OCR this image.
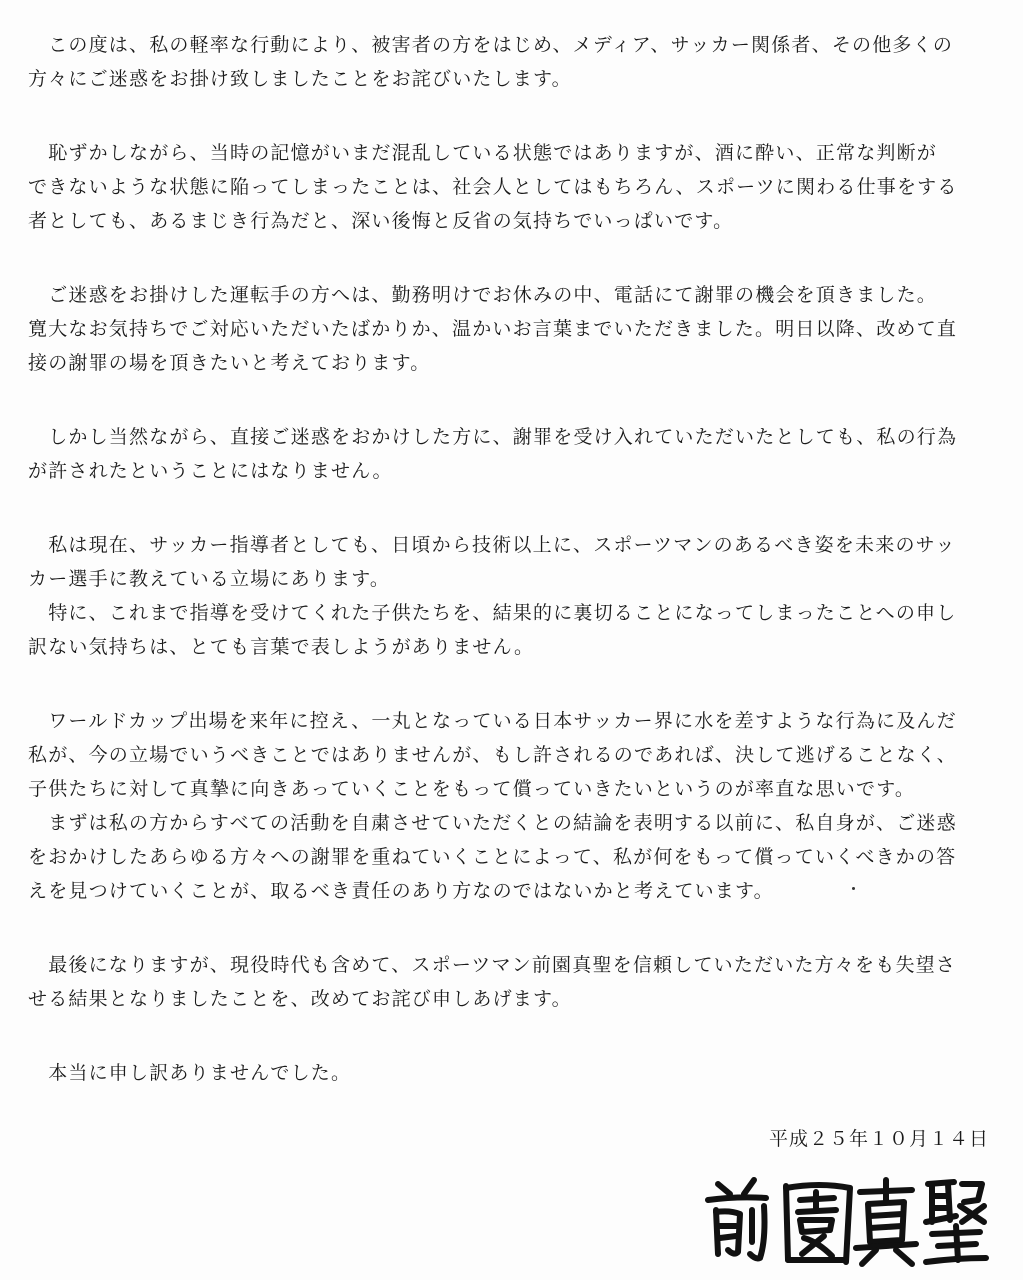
　この度は、私の軽率な行動により、被害者の方をはじめ、メディア、サッカー関係者、その他多くの
方々にご迷惑をお掛け致しましたことをお詫びいたします。
　恥ずかしながら、当時の記憶がいまだ混乱している状態ではありますが、酒に酔い、正常な判断が
できないような状態に陥ってしまったことは、社会人としてはもちろん、スポーツに関わる仕事をする
者としても、あるまじき行為だと、深い後悔と反省の気持ちでいっぱいです。
　ご迷惑をお掛けした運転手の方へは、勤務明けでお休みの中、電話にて謝罪の機会を頂きました。
寛大なお気持ちでご対応いただいたばかりか、温かいお言葉までいただきました。明日以降、改めて直
接の謝罪の場を頂きたいと考えております。
　しかし当然ながら、直接ご迷惑をおかけした方に、謝罪を受け入れていただいたとしても、私の行為
が許されたということにはなりません。
　私は現在、サッカー指導者としても、日頃から技術以上に、スポーツマンのあるべき姿を未来のサッ
カー選手に教えている立場にあります。
　特に、これまで指導を受けてくれた子供たちを、結果的に裏切ることになってしまったことへの申し
訳ない気持ちは、とても言葉で表しようがありません。
　ワールドカップ出場を来年に控え、一丸となっている日本サッカー界に水を差すような行為に及んだ
私が、今の立場でいうべきことではありませんが、もし許されるのであれば、決して逃げることなく、
子供たちに対して真摯に向きあっていくことをもって償っていきたいというのが率直な思いです。
　まずは私の方からすべての活動を自粛させていただくとの結論を表明する以前に、私自身が、ご迷惑
をおかけしたあらゆる方々への謝罪を重ねていくことによって、私が何をもって償っていくべきかの答
えを見つけていくことが、取るべき責任のあり方なのではないかと考えています。
　最後になりますが、現役時代も含めて、スポーツマン前園真聖を信頼していただいた方々をも失望さ
せる結果となりましたことを、改めてお詫び申しあげます。
　本当に申し訳ありませんでした。
平成２５年１０月１４日
